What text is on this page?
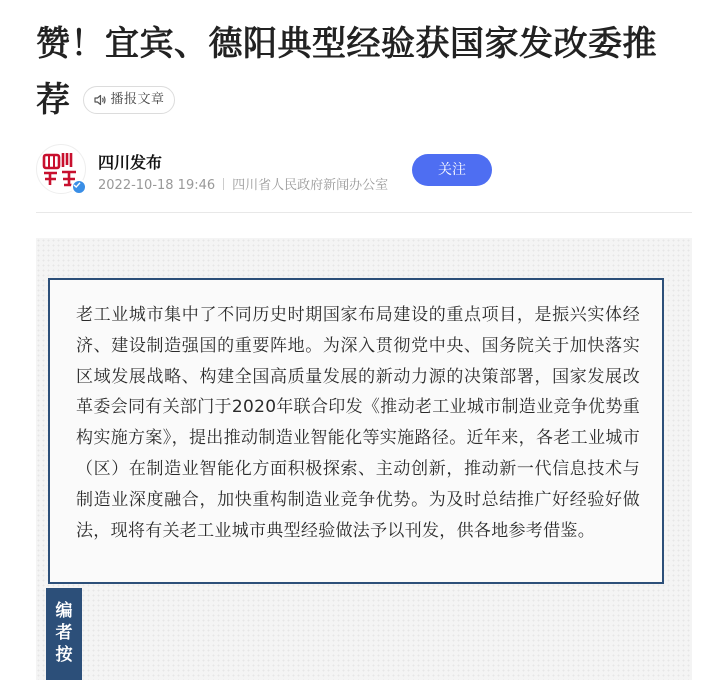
赞！宜宾、德阳典型经验获国家发改委推
荐	播报文章
四川发布
2022-10-18 19:46 四川省人民政府新闻办公室
关注
老工业城市集中了不同历史时期国家布局建设的重点项目，是振兴实体经济、建设制造强国的重要阵地。为深入贯彻党中央、国务院关于加快落实区域发展战略、构建全国高质量发展的新动力源的决策部署，国家发展改革委会同有关部门于2020年联合印发《推动老工业城市制造业竞争优势重构实施方案》，提出推动制造业智能化等实施路径。近年来，各老工业城市（区）在制造业智能化方面积极探索、主动创新，推动新一代信息技术与制造业深度融合，加快重构制造业竞争优势。为及时总结推广好经验好做法，现将有关老工业城市典型经验做法予以刊发，供各地参考借鉴。
编者按
